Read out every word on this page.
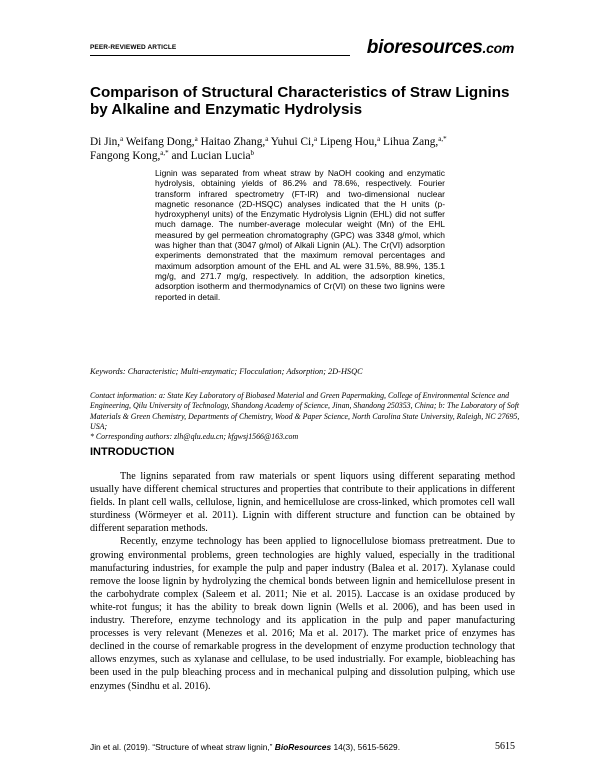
PEER-REVIEWED ARTICLE	bioresources.com
Comparison of Structural Characteristics of Straw Lignins by Alkaline and Enzymatic Hydrolysis
Di Jin,$^a$ Weifang Dong,$^a$ Haitao Zhang,$^a$ Yuhui Ci,$^a$ Lipeng Hou,$^a$ Lihua Zang,$^{a,*}$
Fangong Kong,$^{a,*}$ and Lucian Lucia$^b$
Lignin was separated from wheat straw by NaOH cooking and enzymatic hydrolysis, obtaining yields of 86.2% and 78.6%, respectively. Fourier transform infrared spectrometry (FT-IR) and two-dimensional nuclear magnetic resonance (2D-HSQC) analyses indicated that the H units (p-hydroxyphenyl units) of the Enzymatic Hydrolysis Lignin (EHL) did not suffer much damage. The number-average molecular weight (Mn) of the EHL measured by gel permeation chromatography (GPC) was 3348 g/mol, which was higher than that (3047 g/mol) of Alkali Lignin (AL). The Cr(VI) adsorption experiments demonstrated that the maximum removal percentages and maximum adsorption amount of the EHL and AL were 31.5%, 88.9%, 135.1 mg/g, and 271.7 mg/g, respectively. In addition, the adsorption kinetics, adsorption isotherm and thermodynamics of Cr(VI) on these two lignins were reported in detail.
Keywords: Characteristic; Multi-enzymatic; Flocculation; Adsorption; 2D-HSQC
Contact information: a: State Key Laboratory of Biobased Material and Green Papermaking, College of Environmental Science and Engineering, Qilu University of Technology, Shandong Academy of Science, Jinan, Shandong 250353, China; b: The Laboratory of Soft Materials & Green Chemistry, Departments of Chemistry, Wood & Paper Science, North Carolina State University, Raleigh, NC 27695, USA;
* Corresponding authors: zlh@qlu.edu.cn; kfgwsj1566@163.com
INTRODUCTION

The lignins separated from raw materials or spent liquors using different separating method usually have different chemical structures and properties that contribute to their applications in different fields. In plant cell walls, cellulose, lignin, and hemicellulose are cross-linked, which promotes cell wall sturdiness (Wörmeyer et al. 2011). Lignin with different structure and function can be obtained by different separation methods.

Recently, enzyme technology has been applied to lignocellulose biomass pretreatment. Due to growing environmental problems, green technologies are highly valued, especially in the traditional manufacturing industries, for example the pulp and paper industry (Balea et al. 2017). Xylanase could remove the loose lignin by hydrolyzing the chemical bonds between lignin and hemicellulose present in the carbohydrate complex (Saleem et al. 2011; Nie et al. 2015). Laccase is an oxidase produced by white-rot fungus; it has the ability to break down lignin (Wells et al. 2006), and has been used in industry. Therefore, enzyme technology and its application in the pulp and paper manufacturing processes is very relevant (Menezes et al. 2016; Ma et al. 2017). The market price of enzymes has declined in the course of remarkable progress in the development of enzyme production technology that allows enzymes, such as xylanase and cellulase, to be used industrially. For example, biobleaching has been used in the pulp bleaching process and in mechanical pulping and dissolution pulping, which use enzymes (Sindhu et al. 2016).

Jin et al. (2019). “Structure of wheat straw lignin,” BioResources 14(3), 5615-5629.	5615
